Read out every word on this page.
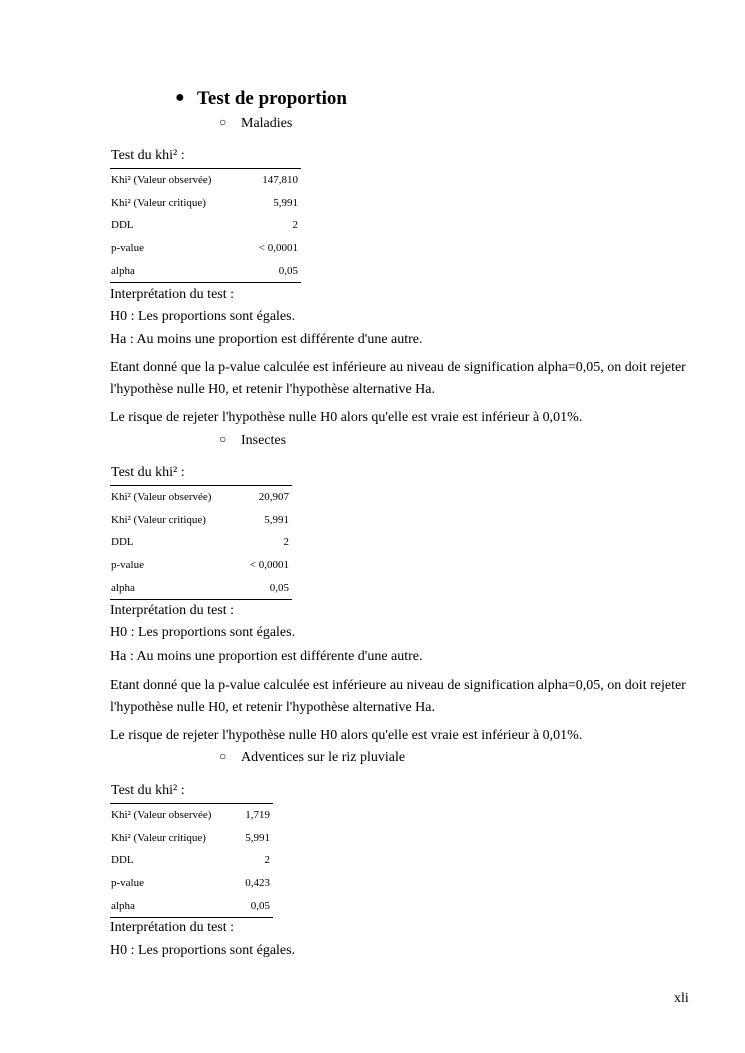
● Test de proportion
○ Maladies
Test du khi² :
Khi² (Valeur observée)	147,810
Khi² (Valeur critique)	5,991
DDL	2
p-value	< 0,0001
alpha	0,05
Interprétation du test :
H0 : Les proportions sont égales.
Ha : Au moins une proportion est différente d'une autre.
Etant donné que la p-value calculée est inférieure au niveau de signification alpha=0,05, on doit rejeter l'hypothèse nulle H0, et retenir l'hypothèse alternative Ha.
Le risque de rejeter l'hypothèse nulle H0 alors qu'elle est vraie est inférieur à 0,01%.
○ Insectes
Test du khi² :
Khi² (Valeur observée)	20,907
Khi² (Valeur critique)	5,991
DDL	2
p-value	< 0,0001
alpha	0,05
Interprétation du test :
H0 : Les proportions sont égales.
Ha : Au moins une proportion est différente d'une autre.
Etant donné que la p-value calculée est inférieure au niveau de signification alpha=0,05, on doit rejeter l'hypothèse nulle H0, et retenir l'hypothèse alternative Ha.
Le risque de rejeter l'hypothèse nulle H0 alors qu'elle est vraie est inférieur à 0,01%.
○ Adventices sur le riz pluviale
Test du khi² :
Khi² (Valeur observée)	1,719
Khi² (Valeur critique)	5,991
DDL	2
p-value	0,423
alpha	0,05
Interprétation du test :
H0 : Les proportions sont égales.
xli
